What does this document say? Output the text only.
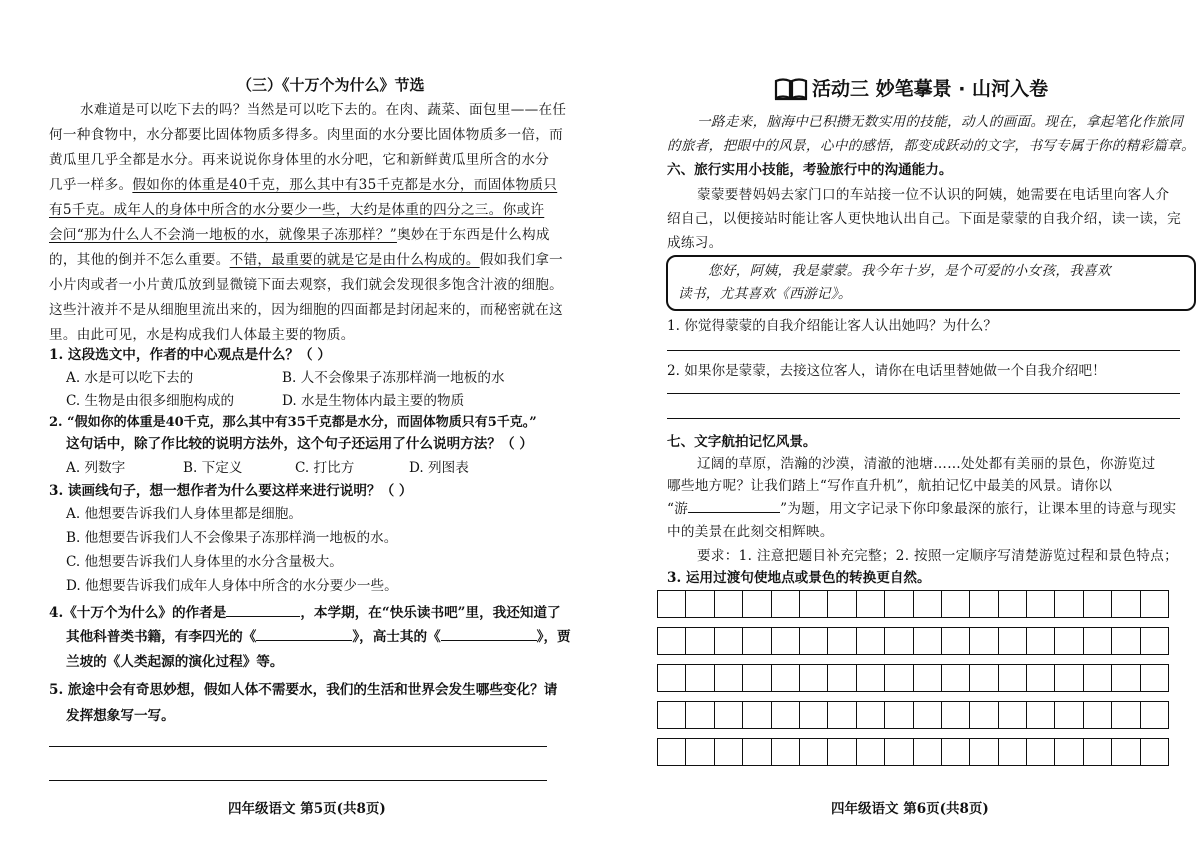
（三）《十万个为什么》节选
水难道是可以吃下去的吗？当然是可以吃下去的。在肉、蔬菜、面包里——在任
何一种食物中，水分都要比固体物质多得多。肉里面的水分要比固体物质多一倍，而
黄瓜里几乎全都是水分。再来说说你身体里的水分吧，它和新鲜黄瓜里所含的水分
几乎一样多。假如你的体重是40千克，那么其中有35千克都是水分，而固体物质只
有5千克。成年人的身体中所含的水分要少一些，大约是体重的四分之三。你或许
会问“那为什么人不会淌一地板的水，就像果子冻那样？”奥妙在于东西是什么构成
的，其他的倒并不怎么重要。不错，最重要的就是它是由什么构成的。假如我们拿一
小片肉或者一小片黄瓜放到显微镜下面去观察，我们就会发现很多饱含汁液的细胞。
这些汁液并不是从细胞里流出来的，因为细胞的四面都是封闭起来的，而秘密就在这
里。由此可见，水是构成我们人体最主要的物质。
1. 这段选文中，作者的中心观点是什么？（ ）
A. 水是可以吃下去的	B. 人不会像果子冻那样淌一地板的水
C. 生物是由很多细胞构成的	D. 水是生物体内最主要的物质
2. “假如你的体重是40千克，那么其中有35千克都是水分，而固体物质只有5千克。”
这句话中，除了作比较的说明方法外，这个句子还运用了什么说明方法？（ ）
A. 列数字	B. 下定义	C. 打比方	D. 列图表
3. 读画线句子，想一想作者为什么要这样来进行说明？（ ）
A. 他想要告诉我们人身体里都是细胞。
B. 他想要告诉我们人不会像果子冻那样淌一地板的水。
C. 他想要告诉我们人身体里的水分含量极大。
D. 他想要告诉我们成年人身体中所含的水分要少一些。
4.《十万个为什么》的作者是	，本学期，在“快乐读书吧”里，我还知道了
其他科普类书籍，有李四光的《	》，高士其的《	》，贾
兰坡的《人类起源的演化过程》等。
5. 旅途中会有奇思妙想，假如人体不需要水，我们的生活和世界会发生哪些变化？请
发挥想象写一写。
四年级语文 第5页(共8页)
活动三 妙笔摹景 · 山河入卷
一路走来，脑海中已积攒无数实用的技能，动人的画面。现在，拿起笔化作旅同
的旅者，把眼中的风景，心中的感悟，都变成跃动的文字，书写专属于你的精彩篇章。
六、旅行实用小技能，考验旅行中的沟通能力。
蒙蒙要替妈妈去家门口的车站接一位不认识的阿姨，她需要在电话里向客人介
绍自己，以便接站时能让客人更快地认出自己。下面是蒙蒙的自我介绍，读一读，完
成练习。
您好，阿姨，我是蒙蒙。我今年十岁，是个可爱的小女孩，我喜欢
读书，尤其喜欢《西游记》。
1. 你觉得蒙蒙的自我介绍能让客人认出她吗？为什么？
2. 如果你是蒙蒙，去接这位客人，请你在电话里替她做一个自我介绍吧！
七、文字航拍记忆风景。
辽阔的草原，浩瀚的沙漠，清澈的池塘……处处都有美丽的景色，你游览过
哪些地方呢？让我们踏上“写作直升机”，航拍记忆中最美的风景。请你以
“游	”为题，用文字记录下你印象最深的旅行，让课本里的诗意与现实
中的美景在此刻交相辉映。
要求：1. 注意把题目补充完整；2. 按照一定顺序写清楚游览过程和景色特点；
3. 运用过渡句使地点或景色的转换更自然。

四年级语文 第6页(共8页)
